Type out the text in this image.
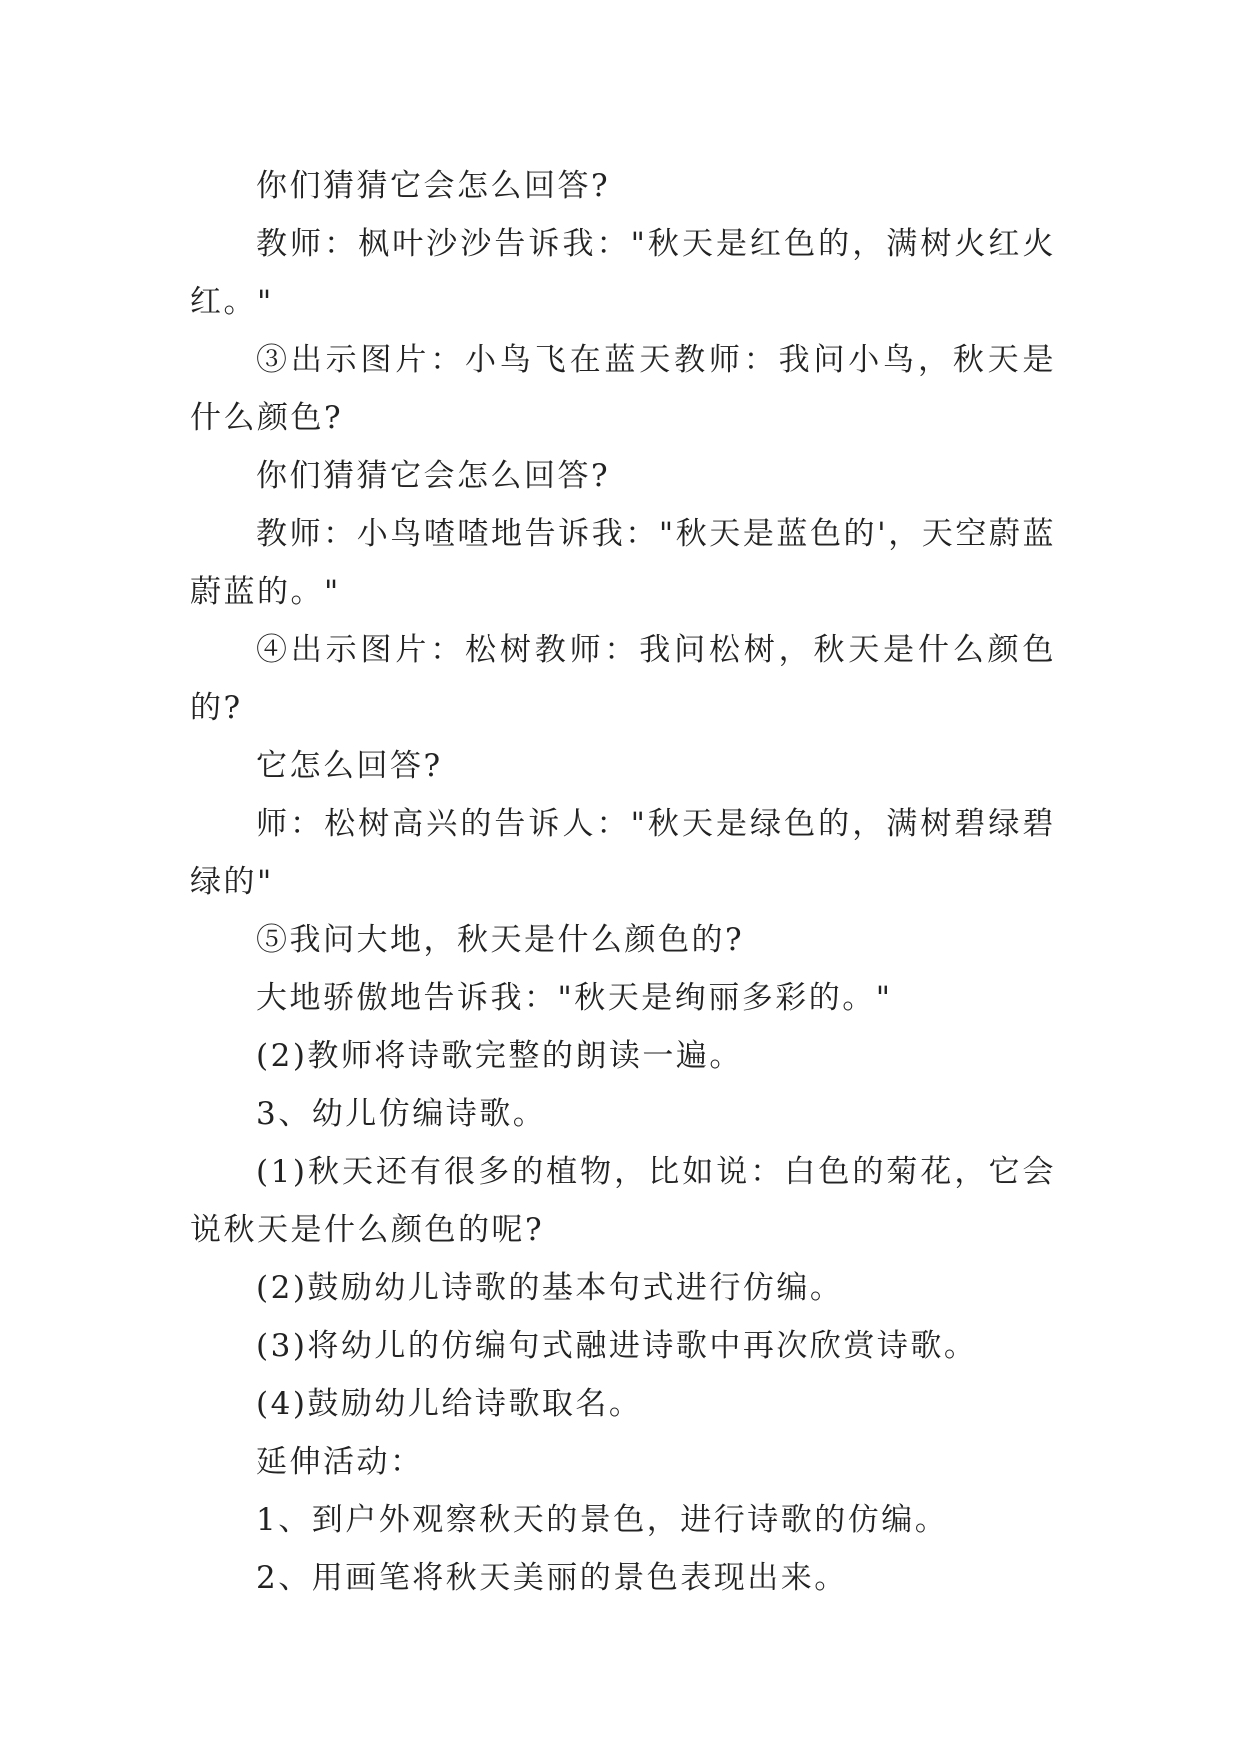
你们猜猜它会怎么回答?

教师：枫叶沙沙告诉我："秋天是红色的，满树火红火红。"

③出示图片：小鸟飞在蓝天教师：我问小鸟，秋天是什么颜色?

你们猜猜它会怎么回答?

教师：小鸟喳喳地告诉我："秋天是蓝色的'，天空蔚蓝蔚蓝的。"

④出示图片：松树教师：我问松树，秋天是什么颜色的?

它怎么回答?

师：松树高兴的告诉人："秋天是绿色的，满树碧绿碧绿的"

⑤我问大地，秋天是什么颜色的?

大地骄傲地告诉我："秋天是绚丽多彩的。"

(2)教师将诗歌完整的朗读一遍。

3、幼儿仿编诗歌。

(1)秋天还有很多的植物，比如说：白色的菊花，它会说秋天是什么颜色的呢?

(2)鼓励幼儿诗歌的基本句式进行仿编。

(3)将幼儿的仿编句式融进诗歌中再次欣赏诗歌。

(4)鼓励幼儿给诗歌取名。

延伸活动：

1、到户外观察秋天的景色，进行诗歌的仿编。

2、用画笔将秋天美丽的景色表现出来。
